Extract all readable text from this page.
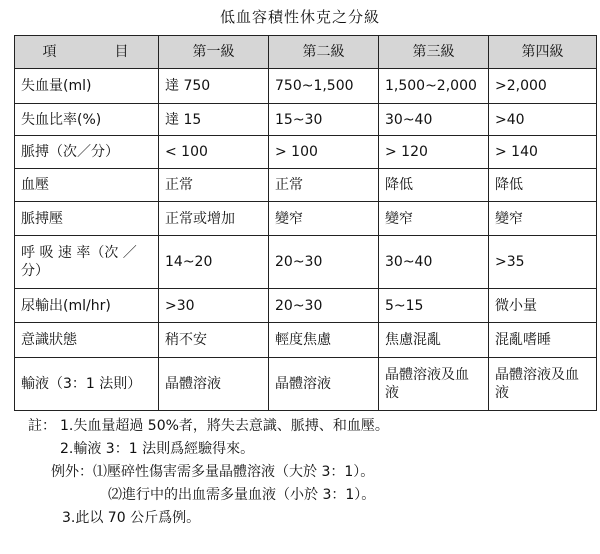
低血容積性休克之分級
項　目	第一級	第二級	第三級	第四級
失血量(ml)	達 750	750~1,500	1,500~2,000	>2,000
失血比率(%)	達 15	15~30	30~40	>40
脈搏（次／分）	< 100	> 100	> 120	> 140
血壓	正常	正常	降低	降低
脈搏壓	正常或增加	變窄	變窄	變窄
呼 吸 速 率（次 ／分）	14~20	20~30	30~40	>35
尿輸出(ml/hr)	>30	20~30	5~15	微小量
意識狀態	稍不安	輕度焦慮	焦慮混亂	混亂嗜睡
輸液（3：1 法則）	晶體溶液	晶體溶液	晶體溶液及血液	晶體溶液及血液
註： 1.失血量超過 50%者，將失去意識、脈搏、和血壓。
2.輸液 3：1 法則爲經驗得來。
例外：⑴壓碎性傷害需多量晶體溶液（大於 3：1）。
⑵進行中的出血需多量血液（小於 3：1）。
3.此以 70 公斤爲例。
